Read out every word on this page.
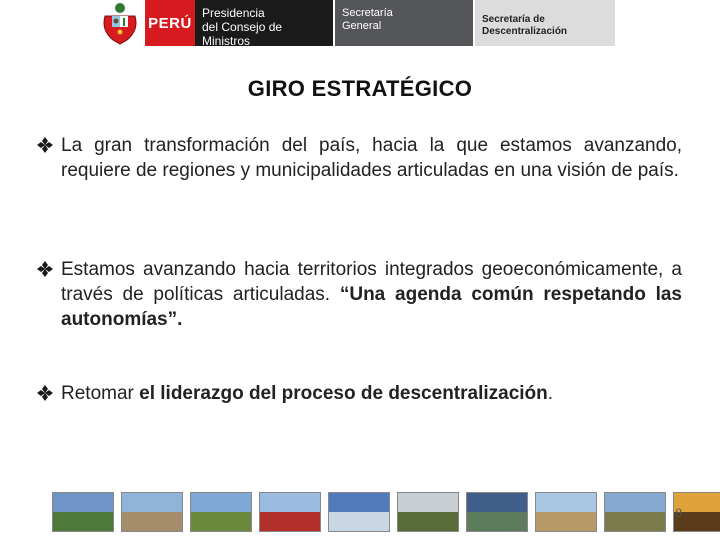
PERÚ
Presidencia
del Consejo de Ministros
Secretaría
General
Secretaría de
Descentralización
GIRO ESTRATÉGICO
La gran transformación del país, hacia la que estamos avanzando, requiere de regiones y municipalidades articuladas en una visión de país.
Estamos avanzando hacia territorios integrados geoeconómicamente, a través de políticas articuladas. “Una agenda común respetando las autonomías”.
Retomar el liderazgo del proceso de descentralización.
8
